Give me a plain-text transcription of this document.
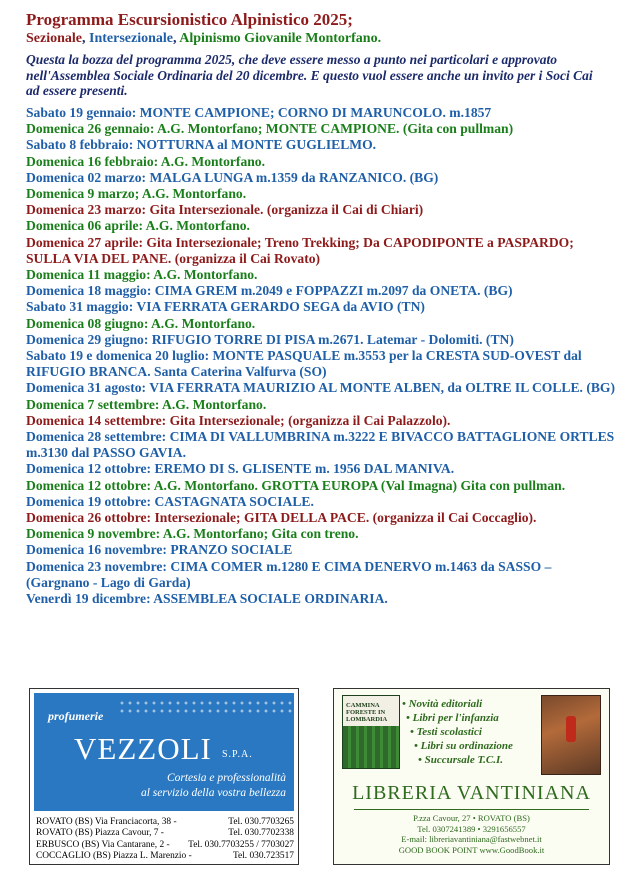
Programma Escursionistico Alpinistico 2025;
Sezionale, Intersezionale, Alpinismo Giovanile Montorfano.
Questa la bozza del programma 2025, che deve essere messo a punto nei particolari e approvato nell'Assemblea Sociale Ordinaria del 20 dicembre. E questo vuol essere anche un invito per i Soci Cai ad essere presenti.
Sabato 19 gennaio: MONTE CAMPIONE; CORNO DI MARUNCOLO. m.1857
Domenica 26 gennaio: A.G. Montorfano; MONTE CAMPIONE. (Gita con pullman)
Sabato 8 febbraio: NOTTURNA al MONTE GUGLIELMO.
Domenica 16 febbraio: A.G. Montorfano.
Domenica 02 marzo: MALGA LUNGA m.1359 da RANZANICO. (BG)
Domenica 9 marzo; A.G. Montorfano.
Domenica 23 marzo: Gita Intersezionale. (organizza il Cai di Chiari)
Domenica 06 aprile: A.G. Montorfano.
Domenica 27 aprile: Gita Intersezionale; Treno Trekking; Da CAPODIPONTE a PASPARDO; SULLA VIA DEL PANE. (organizza il Cai Rovato)
Domenica 11 maggio: A.G. Montorfano.
Domenica 18 maggio: CIMA GREM m.2049 e FOPPAZZI m.2097 da ONETA. (BG)
Sabato 31 maggio: VIA FERRATA GERARDO SEGA da AVIO (TN)
Domenica 08 giugno: A.G. Montorfano.
Domenica 29 giugno: RIFUGIO TORRE DI PISA m.2671. Latemar - Dolomiti. (TN)
Sabato 19 e domenica 20 luglio: MONTE PASQUALE m.3553 per la CRESTA SUD-OVEST dal RIFUGIO BRANCA. Santa Caterina Valfurva (SO)
Domenica 31 agosto: VIA FERRATA MAURIZIO AL MONTE ALBEN, da OLTRE IL COLLE. (BG)
Domenica 7 settembre: A.G. Montorfano.
Domenica 14 settembre: Gita Intersezionale; (organizza il Cai Palazzolo).
Domenica 28 settembre: CIMA DI VALLUMBRINA m.3222 E BIVACCO BATTAGLIONE ORTLES m.3130 dal PASSO GAVIA.
Domenica 12 ottobre: EREMO DI S. GLISENTE m. 1956 DAL MANIVA.
Domenica 12 ottobre: A.G. Montorfano. GROTTA EUROPA (Val Imagna) Gita con pullman.
Domenica 19 ottobre: CASTAGNATA SOCIALE.
Domenica 26 ottobre: Intersezionale; GITA DELLA PACE. (organizza il Cai Coccaglio).
Domenica 9 novembre: A.G. Montorfano; Gita con treno.
Domenica 16 novembre: PRANZO SOCIALE
Domenica 23 novembre: CIMA COMER m.1280 E CIMA DENERVO m.1463 da SASSO – (Gargnano - Lago di Garda)
Venerdì 19 dicembre: ASSEMBLEA SOCIALE ORDINARIA.
profumerie
VEZZOLI S.P.A.
Cortesia e professionalità
al servizio della vostra bellezza
ROVATO (BS) Via Franciacorta, 38 -	Tel. 030.7703265
ROVATO (BS) Piazza Cavour, 7 -	Tel. 030.7702338
ERBUSCO (BS) Via Cantarane, 2 - Tel. 030.7703255 / 7703027
COCCAGLIO (BS) Piazza L. Marenzio -	Tel. 030.723517
CAMMINA FORESTE IN LOMBARDIA
• Novità editoriali
• Libri per l'infanzia
• Testi scolastici
• Libri su ordinazione
• Succursale T.C.I.
LIBRERIA VANTINIANA
P.zza Cavour, 27 • ROVATO (BS)
Tel. 0307241389 • 3291656557
E-mail: libreriavantiniana@fastwebnet.it
GOOD BOOK POINT www.GoodBook.it
